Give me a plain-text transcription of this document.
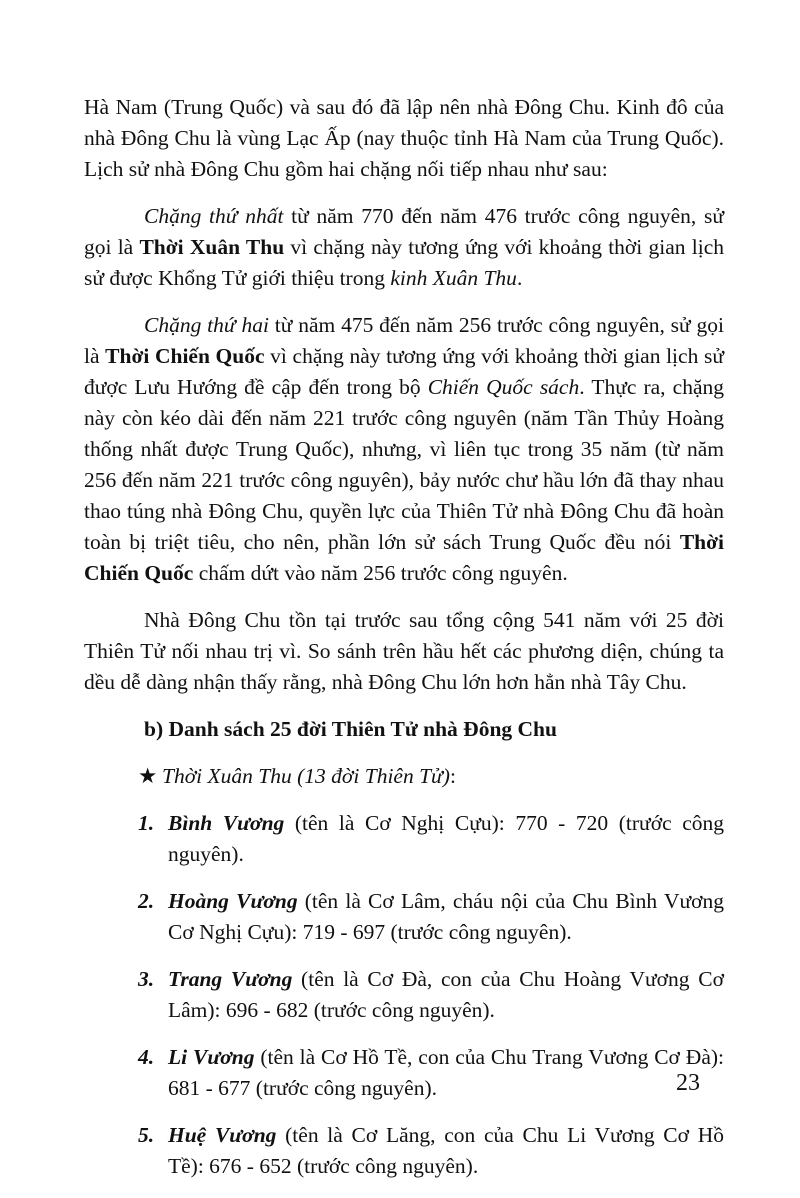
Hà Nam (Trung Quốc) và sau đó đã lập nên nhà Đông Chu. Kinh đô của nhà Đông Chu là vùng Lạc Ấp (nay thuộc tỉnh Hà Nam của Trung Quốc). Lịch sử nhà Đông Chu gồm hai chặng nối tiếp nhau như sau:

Chặng thứ nhất từ năm 770 đến năm 476 trước công nguyên, sử gọi là Thời Xuân Thu vì chặng này tương ứng với khoảng thời gian lịch sử được Khổng Tử giới thiệu trong kinh Xuân Thu.

Chặng thứ hai từ năm 475 đến năm 256 trước công nguyên, sử gọi là Thời Chiến Quốc vì chặng này tương ứng với khoảng thời gian lịch sử được Lưu Hướng đề cập đến trong bộ Chiến Quốc sách. Thực ra, chặng này còn kéo dài đến năm 221 trước công nguyên (năm Tần Thủy Hoàng thống nhất được Trung Quốc), nhưng, vì liên tục trong 35 năm (từ năm 256 đến năm 221 trước công nguyên), bảy nước chư hầu lớn đã thay nhau thao túng nhà Đông Chu, quyền lực của Thiên Tử nhà Đông Chu đã hoàn toàn bị triệt tiêu, cho nên, phần lớn sử sách Trung Quốc đều nói Thời Chiến Quốc chấm dứt vào năm 256 trước công nguyên.

Nhà Đông Chu tồn tại trước sau tổng cộng 541 năm với 25 đời Thiên Tử nối nhau trị vì. So sánh trên hầu hết các phương diện, chúng ta dều dễ dàng nhận thấy rằng, nhà Đông Chu lớn hơn hẳn nhà Tây Chu.

b) Danh sách 25 đời Thiên Tử nhà Đông Chu

★ Thời Xuân Thu (13 đời Thiên Tử):

1. Bình Vương (tên là Cơ Nghị Cựu): 770 - 720 (trước công nguyên).
2. Hoàng Vương (tên là Cơ Lâm, cháu nội của Chu Bình Vương Cơ Nghị Cựu): 719 - 697 (trước công nguyên).
3. Trang Vương (tên là Cơ Đà, con của Chu Hoàng Vương Cơ Lâm): 696 - 682 (trước công nguyên).
4. Li Vương (tên là Cơ Hồ Tề, con của Chu Trang Vương Cơ Đà): 681 - 677 (trước công nguyên).
5. Huệ Vương (tên là Cơ Lăng, con của Chu Li Vương Cơ Hồ Tề): 676 - 652 (trước công nguyên).
23
